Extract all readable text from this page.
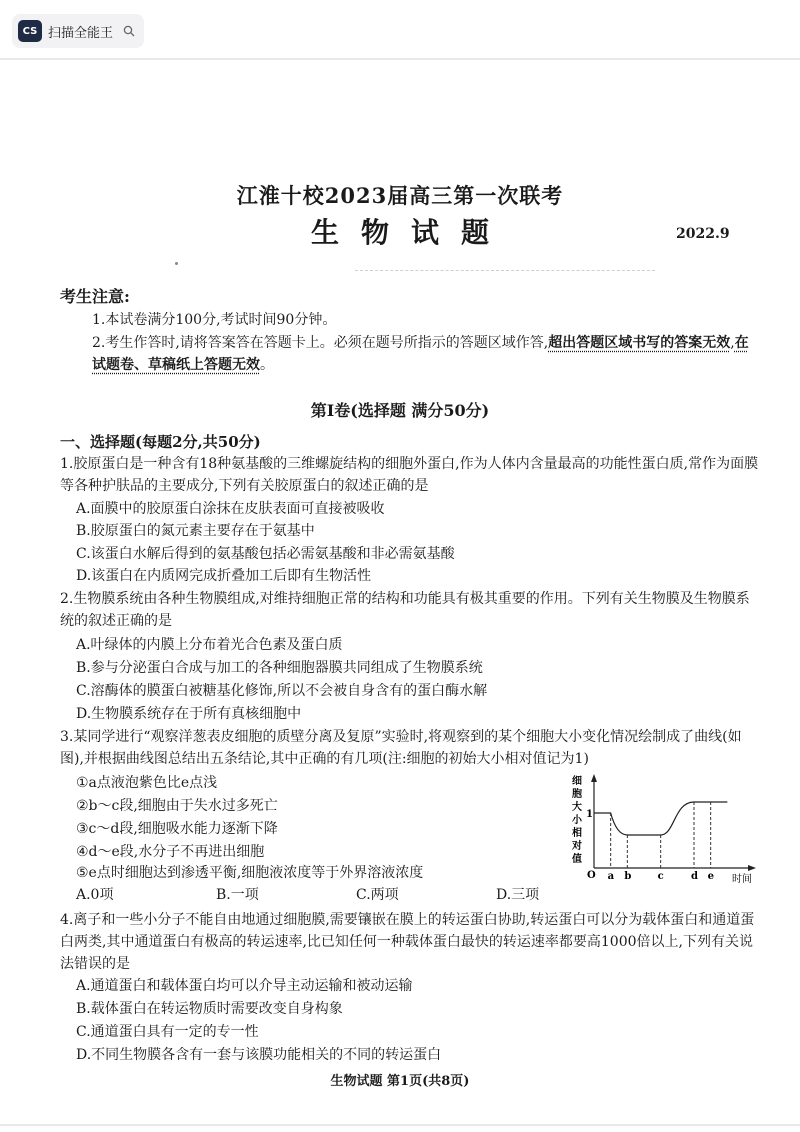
CS 扫描全能王
江淮十校2023届高三第一次联考
生物试题	2022.9
考生注意:
1.本试卷满分100分,考试时间90分钟。
2.考生作答时,请将答案答在答题卡上。必须在题号所指示的答题区域作答,超出答题区域书写的答案无效,在试题卷、草稿纸上答题无效。
第Ⅰ卷(选择题 满分50分)
一、选择题(每题2分,共50分)
1.胶原蛋白是一种含有18种氨基酸的三维螺旋结构的细胞外蛋白,作为人体内含量最高的功能性蛋白质,常作为面膜等各种护肤品的主要成分,下列有关胶原蛋白的叙述正确的是
A.面膜中的胶原蛋白涂抹在皮肤表面可直接被吸收
B.胶原蛋白的氮元素主要存在于氨基中
C.该蛋白水解后得到的氨基酸包括必需氨基酸和非必需氨基酸
D.该蛋白在内质网完成折叠加工后即有生物活性
2.生物膜系统由各种生物膜组成,对维持细胞正常的结构和功能具有极其重要的作用。下列有关生物膜及生物膜系统的叙述正确的是
A.叶绿体的内膜上分布着光合色素及蛋白质
B.参与分泌蛋白合成与加工的各种细胞器膜共同组成了生物膜系统
C.溶酶体的膜蛋白被糖基化修饰,所以不会被自身含有的蛋白酶水解
D.生物膜系统存在于所有真核细胞中
3.某同学进行“观察洋葱表皮细胞的质壁分离及复原”实验时,将观察到的某个细胞大小变化情况绘制成了曲线(如图),并根据曲线图总结出五条结论,其中正确的有几项(注:细胞的初始大小相对值记为1)
①a点液泡紫色比e点浅
②b～c段,细胞由于失水过多死亡
③c～d段,细胞吸水能力逐渐下降
④d～e段,水分子不再进出细胞
⑤e点时细胞达到渗透平衡,细胞液浓度等于外界溶液浓度
A.0项	B.一项	C.两项	D.三项
细胞大小相对值
O
1
a b	c	d e 时间
4.离子和一些小分子不能自由地通过细胞膜,需要镶嵌在膜上的转运蛋白协助,转运蛋白可以分为载体蛋白和通道蛋白两类,其中通道蛋白有极高的转运速率,比已知任何一种载体蛋白最快的转运速率都要高1000倍以上,下列有关说法错误的是
A.通道蛋白和载体蛋白均可以介导主动运输和被动运输
B.载体蛋白在转运物质时需要改变自身构象
C.通道蛋白具有一定的专一性
D.不同生物膜各含有一套与该膜功能相关的不同的转运蛋白
生物试题 第1页(共8页)
